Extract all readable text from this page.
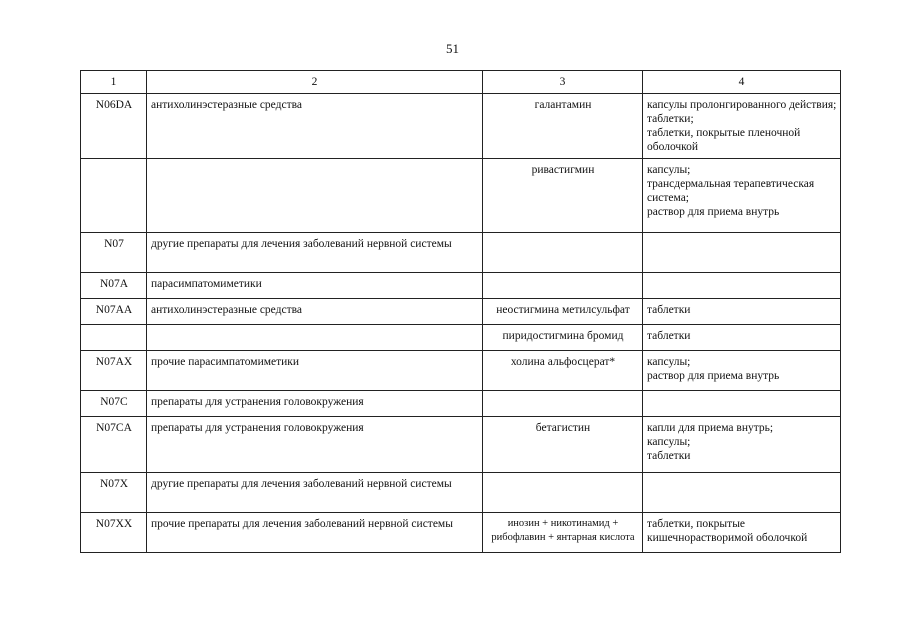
51
1	2	3	4
N06DA	антихолинэстеразные средства	галантамин	капсулы пролонгированного действия;
таблетки;
таблетки, покрытые пленочной оболочкой

		ривастигмин	капсулы;
трансдермальная терапевтическая система;
раствор для приема внутрь

N07	другие препараты для лечения заболеваний нервной системы		
N07A	парасимпатомиметики		
N07AA	антихолинэстеразные средства	неостигмина метилсульфат	таблетки

		пиридостигмина бромид	таблетки

N07AX	прочие парасимпатомиметики	холина альфосцерат*	капсулы;
раствор для приема внутрь

N07C	препараты для устранения головокружения		
N07CA	препараты для устранения головокружения	бетагистин	капли для приема внутрь;
капсулы;
таблетки

N07X	другие препараты для лечения заболеваний нервной системы		
N07XX	прочие препараты для лечения заболеваний нервной системы	инозин + никотинамид + рибофлавин + янтарная кислота	таблетки, покрытые кишечнорастворимой оболочкой
